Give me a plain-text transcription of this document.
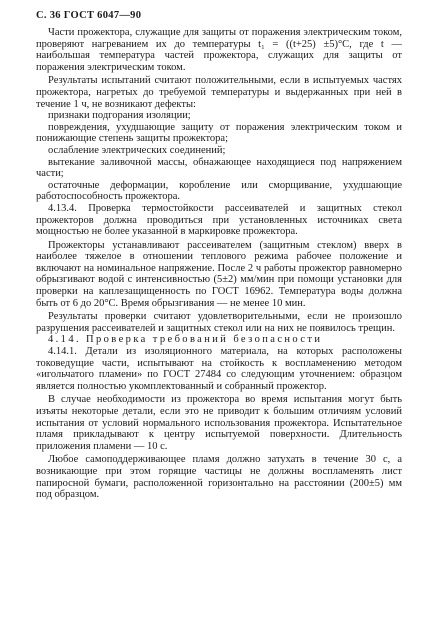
С. 36 ГОСТ 6047—90

Части прожектора, служащие для защиты от поражения электрическим током, проверяют нагреванием их до температуры t₁ = ((t+25) ±5)°C, где t — наибольшая температура частей прожектора, служащих для защиты от поражения электрическим током.

Результаты испытаний считают положительными, если в испытуемых частях прожектора, нагретых до требуемой температуры и выдержанных при ней в течение 1 ч, не возникают дефекты:

признаки подгорания изоляции;

повреждения, ухудшающие защиту от поражения электрическим током и понижающие степень защиты прожектора;

ослабление электрических соединений;

вытекание заливочной массы, обнажающее находящиеся под напряжением части;

остаточные деформации, коробление или сморщивание, ухудшающие работоспособность прожектора.

4.13.4. Проверка термостойкости рассеивателей и защитных стекол прожекторов должна проводиться при установленных источниках света мощностью не более указанной в маркировке прожектора.

Прожекторы устанавливают рассеивателем (защитным стеклом) вверх в наиболее тяжелое в отношении теплового режима рабочее положение и включают на номинальное напряжение. После 2 ч работы прожектор равномерно обрызгивают водой с интенсивностью (5±2) мм/мин при помощи установки для проверки на каплезащищенность по ГОСТ 16962. Температура воды должна быть от 6 до 20°C. Время обрызгивания — не менее 10 мин.

Результаты проверки считают удовлетворительными, если не произошло разрушения рассеивателей и защитных стекол или на них не появилось трещин.

4.14. Проверка требований безопасности

4.14.1. Детали из изоляционного материала, на которых расположены токоведущие части, испытывают на стойкость к воспламенению методом «игольчатого пламени» по ГОСТ 27484 со следующим уточнением: образцом является полностью укомплектованный и собранный прожектор.

В случае необходимости из прожектора во время испытания могут быть изъяты некоторые детали, если это не приводит к большим отличиям условий испытания от условий нормального использования прожектора. Испытательное пламя прикладывают к центру испытуемой поверхности. Длительность приложения пламени — 10 с.

Любое самоподдерживающее пламя должно затухать в течение 30 с, а возникающие при этом горящие частицы не должны воспламенять лист папиросной бумаги, расположенной горизонтально на расстоянии (200±5) мм под образцом.
